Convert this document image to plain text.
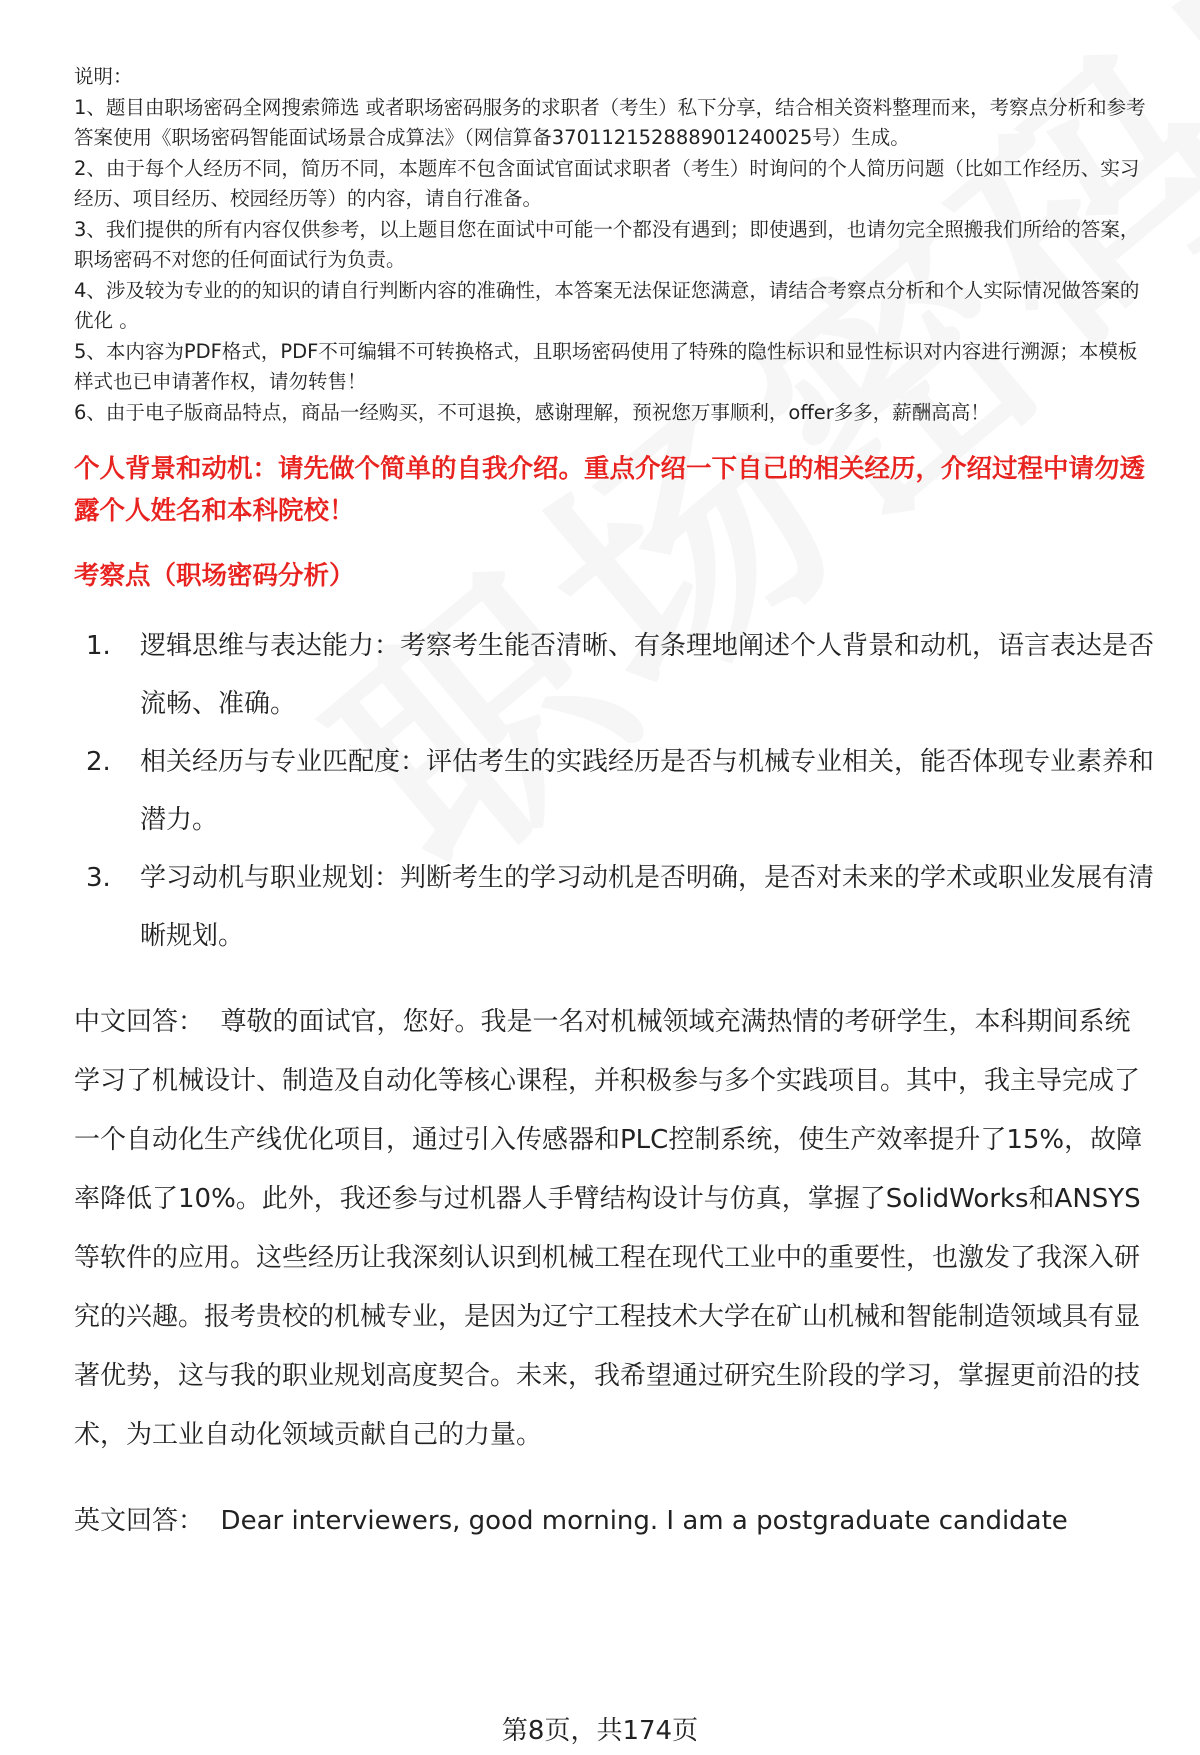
说明：

1、题目由职场密码全网搜索筛选 或者职场密码服务的求职者（考生）私下分享，结合相关资料整理而来，考察点分析和参考答案使用《职场密码智能面试场景合成算法》（网信算备370112152888901240025号）生成。

2、由于每个人经历不同，简历不同，本题库不包含面试官面试求职者（考生）时询问的个人简历问题（比如工作经历、实习经历、项目经历、校园经历等）的内容，请自行准备。

3、我们提供的所有内容仅供参考，以上题目您在面试中可能一个都没有遇到；即使遇到，也请勿完全照搬我们所给的答案，职场密码不对您的任何面试行为负责。

4、涉及较为专业的的知识的请自行判断内容的准确性，本答案无法保证您满意，请结合考察点分析和个人实际情况做答案的优化 。

5、本内容为PDF格式，PDF不可编辑不可转换格式，且职场密码使用了特殊的隐性标识和显性标识对内容进行溯源；本模板样式也已申请著作权，请勿转售！

6、由于电子版商品特点，商品一经购买，不可退换，感谢理解，预祝您万事顺利，offer多多，薪酬高高！

个人背景和动机：请先做个简单的自我介绍。重点介绍一下自己的相关经历，介绍过程中请勿透露个人姓名和本科院校！

考察点（职场密码分析）

1.	逻辑思维与表达能力：考察考生能否清晰、有条理地阐述个人背景和动机，语言表达是否流畅、准确。
2.	相关经历与专业匹配度：评估考生的实践经历是否与机械专业相关，能否体现专业素养和潜力。
3.	学习动机与职业规划：判断考生的学习动机是否明确，是否对未来的学术或职业发展有清晰规划。

中文回答： 尊敬的面试官，您好。我是一名对机械领域充满热情的考研学生，本科期间系统学习了机械设计、制造及自动化等核心课程，并积极参与多个实践项目。其中，我主导完成了一个自动化生产线优化项目，通过引入传感器和PLC控制系统，使生产效率提升了15%，故障率降低了10%。此外，我还参与过机器人手臂结构设计与仿真，掌握了SolidWorks和ANSYS等软件的应用。这些经历让我深刻认识到机械工程在现代工业中的重要性，也激发了我深入研究的兴趣。报考贵校的机械专业，是因为辽宁工程技术大学在矿山机械和智能制造领域具有显著优势，这与我的职业规划高度契合。未来，我希望通过研究生阶段的学习，掌握更前沿的技术，为工业自动化领域贡献自己的力量。

英文回答： Dear interviewers, good morning. I am a postgraduate candidate

第8页，共174页
